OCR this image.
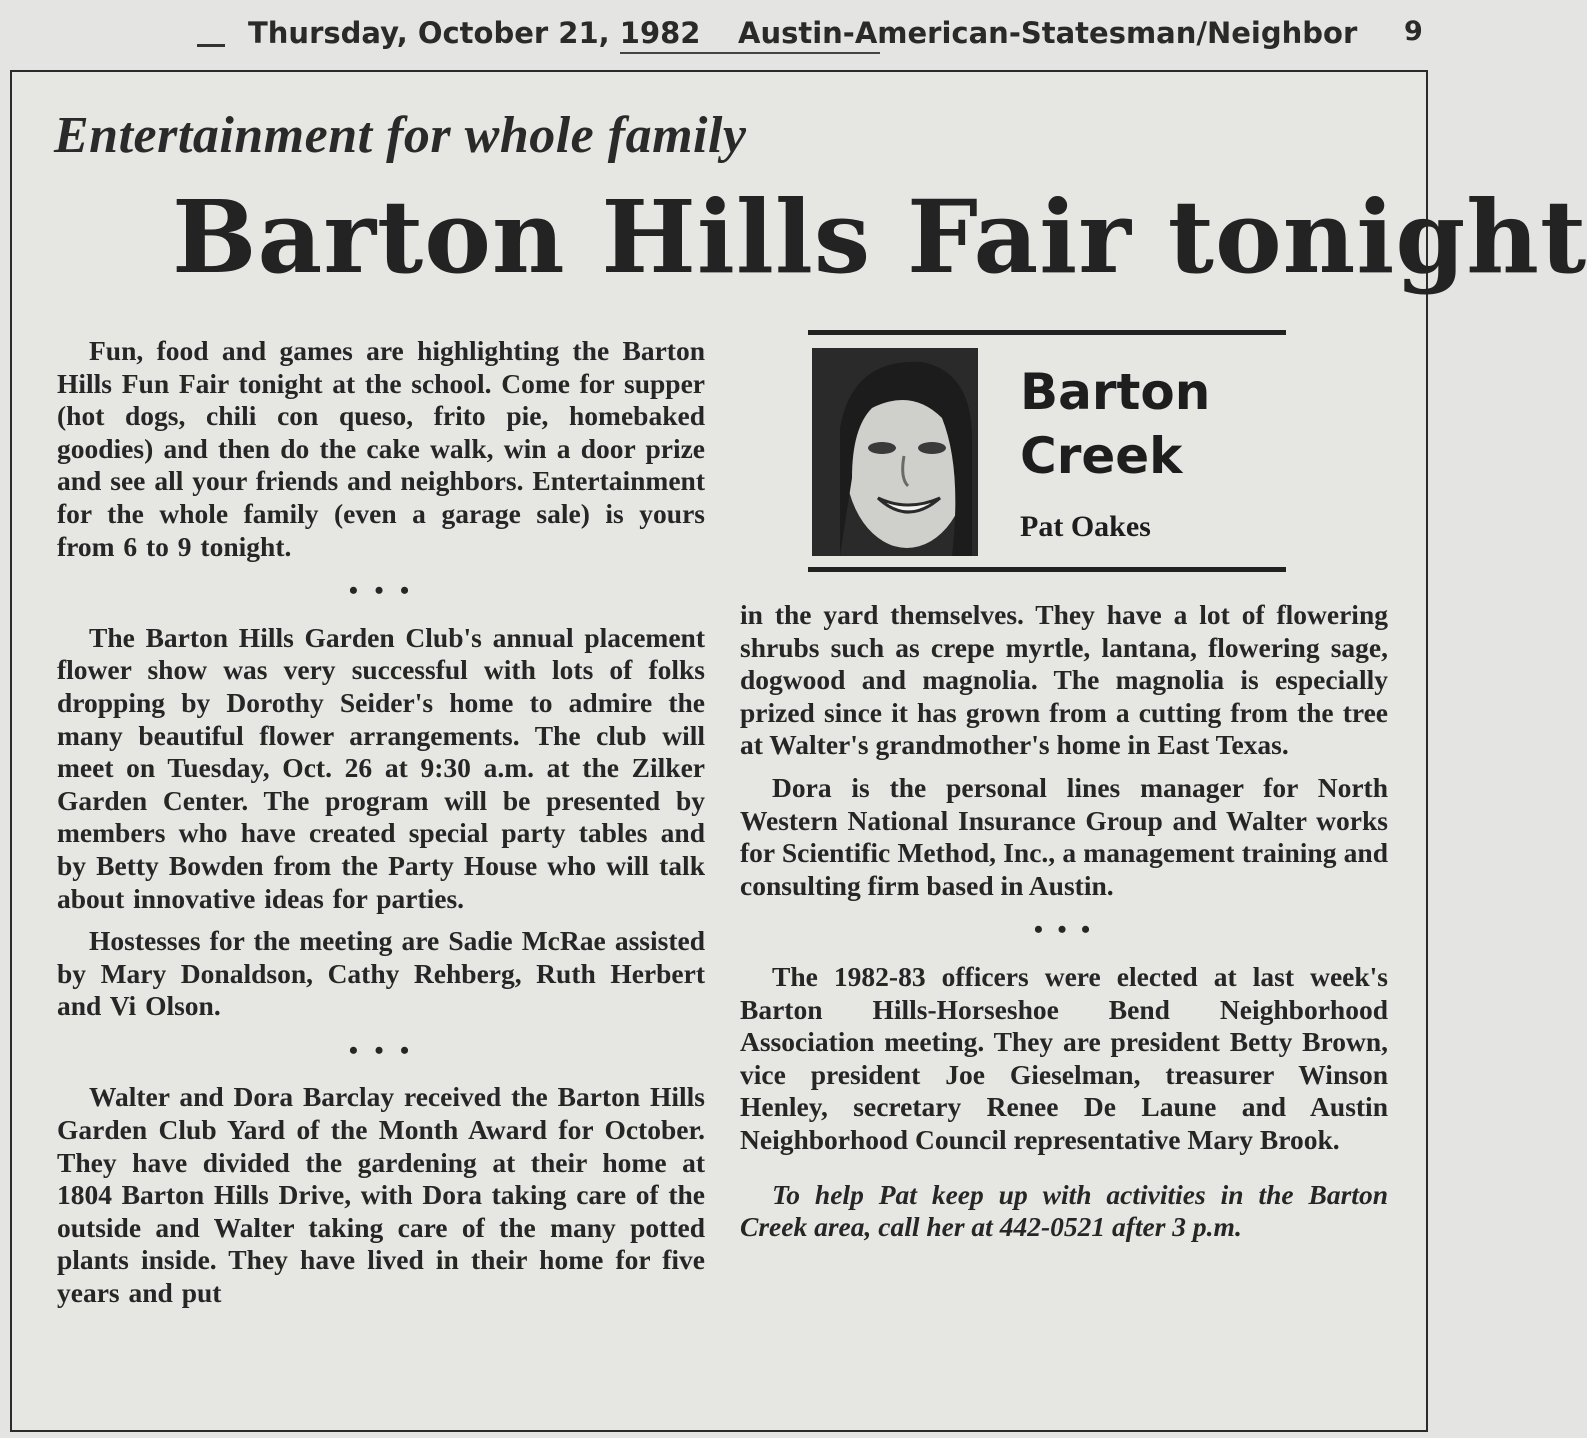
Thursday, October 21, 1982 Austin-American-Statesman/Neighbor 9
Entertainment for whole family
Barton Hills Fair tonight

Fun, food and games are highlighting the Barton Hills Fun Fair tonight at the school. Come for supper (hot dogs, chili con queso, frito pie, homebaked goodies) and then do the cake walk, win a door prize and see all your friends and neighbors. Entertainment for the whole family (even a garage sale) is yours from 6 to 9 tonight.

• • •

The Barton Hills Garden Club's annual placement flower show was very successful with lots of folks dropping by Dorothy Seider's home to admire the many beautiful flower arrangements. The club will meet on Tuesday, Oct. 26 at 9:30 a.m. at the Zilker Garden Center. The program will be presented by members who have created special party tables and by Betty Bowden from the Party House who will talk about innovative ideas for parties.

Hostesses for the meeting are Sadie McRae assisted by Mary Donaldson, Cathy Rehberg, Ruth Herbert and Vi Olson.

• • •

Walter and Dora Barclay received the Barton Hills Garden Club Yard of the Month Award for October. They have divided the gardening at their home at 1804 Barton Hills Drive, with Dora taking care of the outside and Walter taking care of the many potted plants inside. They have lived in their home for five years and put

Barton
Creek
Pat Oakes

in the yard themselves. They have a lot of flowering shrubs such as crepe myrtle, lantana, flowering sage, dogwood and magnolia. The magnolia is especially prized since it has grown from a cutting from the tree at Walter's grandmother's home in East Texas.

Dora is the personal lines manager for North Western National Insurance Group and Walter works for Scientific Method, Inc., a management training and consulting firm based in Austin.

• • •

The 1982-83 officers were elected at last week's Barton Hills-Horseshoe Bend Neighborhood Association meeting. They are president Betty Brown, vice president Joe Gieselman, treasurer Winson Henley, secretary Renee De Laune and Austin Neighborhood Council representative Mary Brook.

To help Pat keep up with activities in the Barton Creek area, call her at 442-0521 after 3 p.m.
